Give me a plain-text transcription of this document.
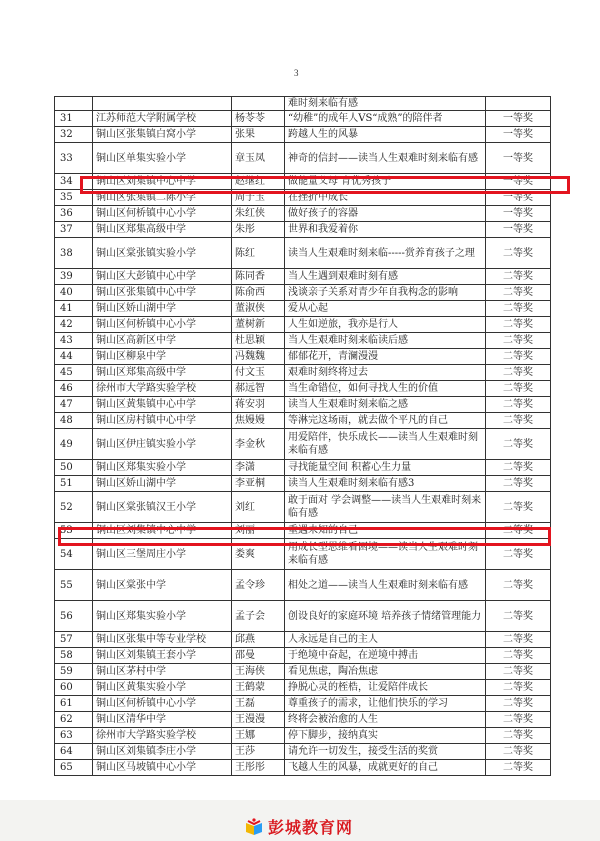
3
			难时刻来临有感	
31	江苏师范大学附属学校	杨苓苓	“幼稚”的成年人VS“成熟”的陪伴者	一等奖
32	铜山区张集镇白窝小学	张果	跨越人生的风暴	一等奖
33	铜山区单集实验小学	章玉凤	神奇的信封——读当人生艰难时刻来临有感	一等奖
34	铜山区刘集镇中心中学	赵继红	做能量父母 育优秀孩子	一等奖
35	铜山区张集镇二陈小学	周子玉	在挫折中成长	一等奖
36	铜山区何桥镇中心小学	朱红侠	做好孩子的容器	一等奖
37	铜山区郑集高级中学	朱彤	世界和我爱着你	一等奖
38	铜山区棠张镇实验小学	陈红	读当人生艰难时刻来临-----赏养育孩子之理	二等奖
39	铜山区大彭镇中心中学	陈同香	当人生遇到艰难时刻有感	二等奖
40	铜山区张集镇中心中学	陈俞西	浅谈亲子关系对青少年自我构念的影响	二等奖
41	铜山区娇山湖中学	董淑侠	爱从心起	二等奖
42	铜山区何桥镇中心小学	董树新	人生如逆旅，我亦是行人	二等奖
43	铜山区高新区中学	杜思颖	当人生艰难时刻来临读后感	二等奖
44	铜山区柳泉中学	冯魏魏	郁郁花开，青澜漫漫	二等奖
45	铜山区郑集高级中学	付文玉	艰难时刻终将过去	二等奖
46	徐州市大学路实验学校	郝远智	当生命错位，如何寻找人生的价值	二等奖
47	铜山区黄集镇中心中学	蒋安羽	读当人生艰难时刻来临之感	二等奖
48	铜山区房村镇中心中学	焦嫚嫚	等淋完这场雨，就去做个平凡的自己	二等奖
49	铜山区伊庄镇实验小学	李金秋	用爱陪伴，快乐成长——读当人生艰难时刻来临有感	二等奖
50	铜山区郑集实验小学	李潇	寻找能量空间 积蓄心生力量	二等奖
51	铜山区娇山湖中学	李亚桐	读当人生艰难时刻来临有感3	二等奖
52	铜山区棠张镇汉王小学	刘红	敢于面对 学会调整——读当人生艰难时刻来临有感	二等奖
53	铜山区刘集镇中心中学	刘丽	重遇未知的自己	二等奖
54	铜山区三堡周庄小学	娄爽	用成长型思维看困境——读当人生艰难时刻来临有感	二等奖
55	铜山区棠张中学	孟令珍	相处之道——读当人生艰难时刻来临有感	二等奖
56	铜山区郑集实验小学	孟子会	创设良好的家庭环境 培养孩子情绪管理能力	二等奖
57	铜山区张集中等专业学校	邱燕	人永远是自己的主人	二等奖
58	铜山区刘集镇王套小学	邵曼	于绝境中奋起，在逆境中搏击	二等奖
59	铜山区茅村中学	王海侠	看见焦虑，陶冶焦虑	二等奖
60	铜山区黄集实验小学	王鹤蒙	挣脱心灵的桎梏，让爱陪伴成长	二等奖
61	铜山区何桥镇中心小学	王磊	尊重孩子的需求，让他们快乐的学习	二等奖
62	铜山区清华中学	王漫漫	终将会被治愈的人生	二等奖
63	徐州市大学路实验学校	王娜	停下脚步，接纳真实	二等奖
64	铜山区刘集镇李庄小学	王莎	请允许一切发生，接受生活的奖赏	二等奖
65	铜山区马坡镇中心小学	王彤彤	飞越人生的风暴，成就更好的自己	二等奖
彭城教育网
